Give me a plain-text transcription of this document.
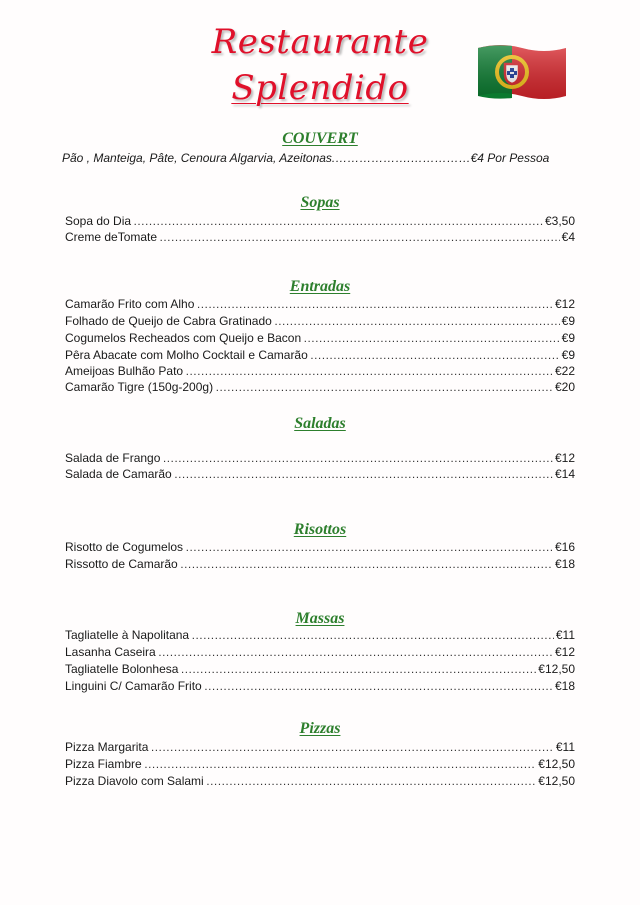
Restaurante
Splendido
COUVERT
Pão , Manteiga, Pâte, Cenoura Algarvia, Azeitonas.……………….……………€4 Por Pessoa
Sopas
Sopa do Dia ……………………………………………………………………………………………………………………………………………………………………………………	€3,50
Creme deTomate ……………………………………………………………………………………………………………………………………………………………………………………	€4
Entradas
Camarão Frito com Alho ……………………………………………………………………………………………………………………………………………………………………………………	€12
Folhado de Queijo de Cabra Gratinado ……………………………………………………………………………………………………………………………………………………………………………………	€9
Cogumelos Recheados com Queijo e Bacon ……………………………………………………………………………………………………………………………………………………………………………………	€9
Pêra Abacate com Molho Cocktail e Camarão ……………………………………………………………………………………………………………………………………………………………………………………	€9
Ameijoas Bulhão Pato ……………………………………………………………………………………………………………………………………………………………………………………	€22
Camarão Tigre (150g-200g) ……………………………………………………………………………………………………………………………………………………………………………………	€20
Saladas
Salada de Frango ……………………………………………………………………………………………………………………………………………………………………………………	€12
Salada de Camarão ……………………………………………………………………………………………………………………………………………………………………………………	€14
Risottos
Risotto de Cogumelos ……………………………………………………………………………………………………………………………………………………………………………………	€16
Rissotto de Camarão ……………………………………………………………………………………………………………………………………………………………………………………	€18
Massas
Tagliatelle à Napolitana ……………………………………………………………………………………………………………………………………………………………………………………	€11
Lasanha Caseira ……………………………………………………………………………………………………………………………………………………………………………………	€12
Tagliatelle Bolonhesa ……………………………………………………………………………………………………………………………………………………………………………………	€12,50
Linguini C/ Camarão Frito ……………………………………………………………………………………………………………………………………………………………………………………	€18
Pizzas
Pizza Margarita ……………………………………………………………………………………………………………………………………………………………………………………	€11
Pizza Fiambre ……………………………………………………………………………………………………………………………………………………………………………………	€12,50
Pizza Diavolo com Salami ……………………………………………………………………………………………………………………………………………………………………………………	€12,50
